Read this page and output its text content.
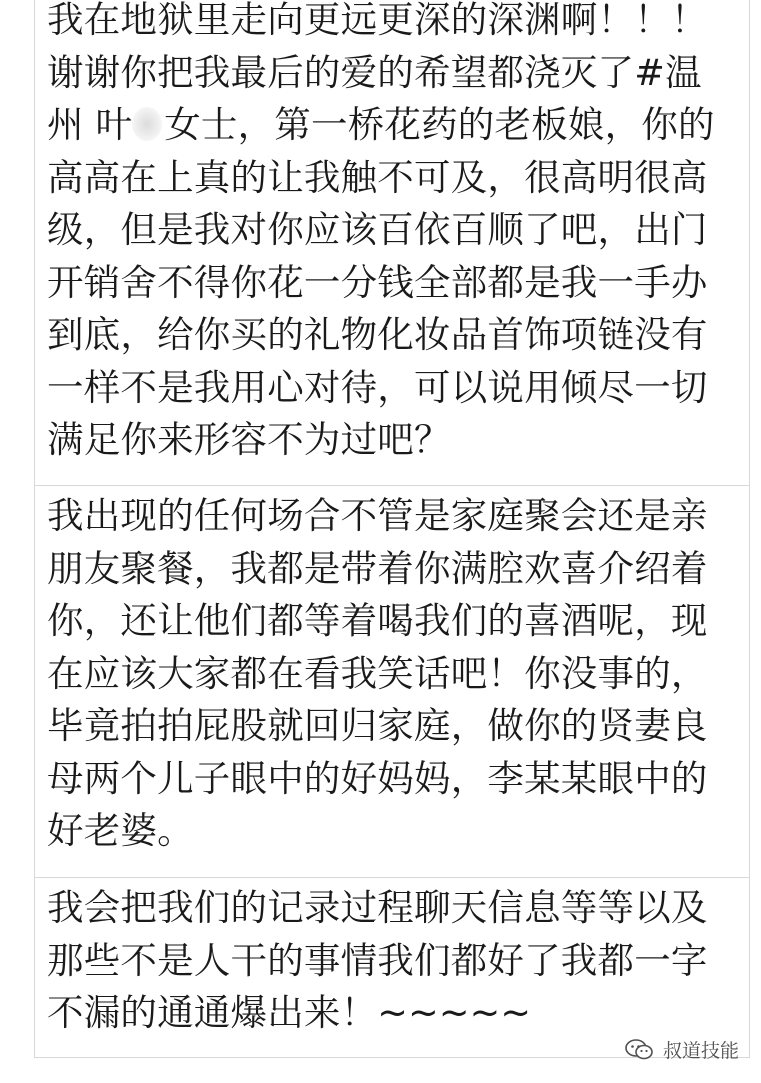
我在地狱里走向更远更深的深渊啊！！！谢谢你把我最后的爱的希望都浇灭了#温州 叶 女士，第一桥花药的老板娘，你的高高在上真的让我触不可及，很高明很高级，但是我对你应该百依百顺了吧，出门开销舍不得你花一分钱全部都是我一手办到底，给你买的礼物化妆品首饰项链没有一样不是我用心对待，可以说用倾尽一切满足你来形容不为过吧？

我出现的任何场合不管是家庭聚会还是亲朋友聚餐，我都是带着你满腔欢喜介绍着你，还让他们都等着喝我们的喜酒呢，现在应该大家都在看我笑话吧！你没事的，毕竟拍拍屁股就回归家庭，做你的贤妻良母两个儿子眼中的好妈妈，李某某眼中的好老婆。

我会把我们的记录过程聊天信息等等以及那些不是人干的事情我们都好了我都一字不漏的通通爆出来！~~~~~

叔道技能
